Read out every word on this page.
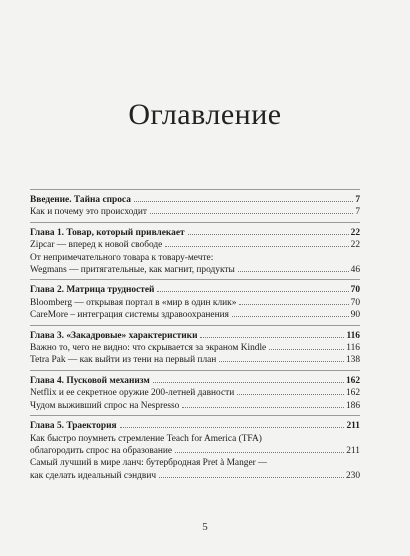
Оглавление
Введение. Тайна спроса	7
Как и почему это происходит	7
Глава 1. Товар, который привлекает	22
Zipcar — вперед к новой свободе	22
От непримечательного товара к товару-мечте:
Wegmans — притягательные, как магнит, продукты	46
Глава 2. Матрица трудностей	70
Bloomberg — открывая портал в «мир в один клик»	70
CareMore – интеграция системы здравоохранения	90
Глава 3. «Закадровые» характеристики	116
Важно то, чего не видно: что скрывается за экраном Kindle	116
Tetra Pak — как выйти из тени на первый план	138
Глава 4. Пусковой механизм	162
Netflix и ее секретное оружие 200-летней давности	162
Чудом выживший спрос на Nespresso	186
Глава 5. Траектория	211
Как быстро поумнеть стремление Teach for America (TFA)
облагородить спрос на образование	211
Самый лучший в мире ланч: бутербродная Pret à Manger —
как сделать идеальный сэндвич	230
5
